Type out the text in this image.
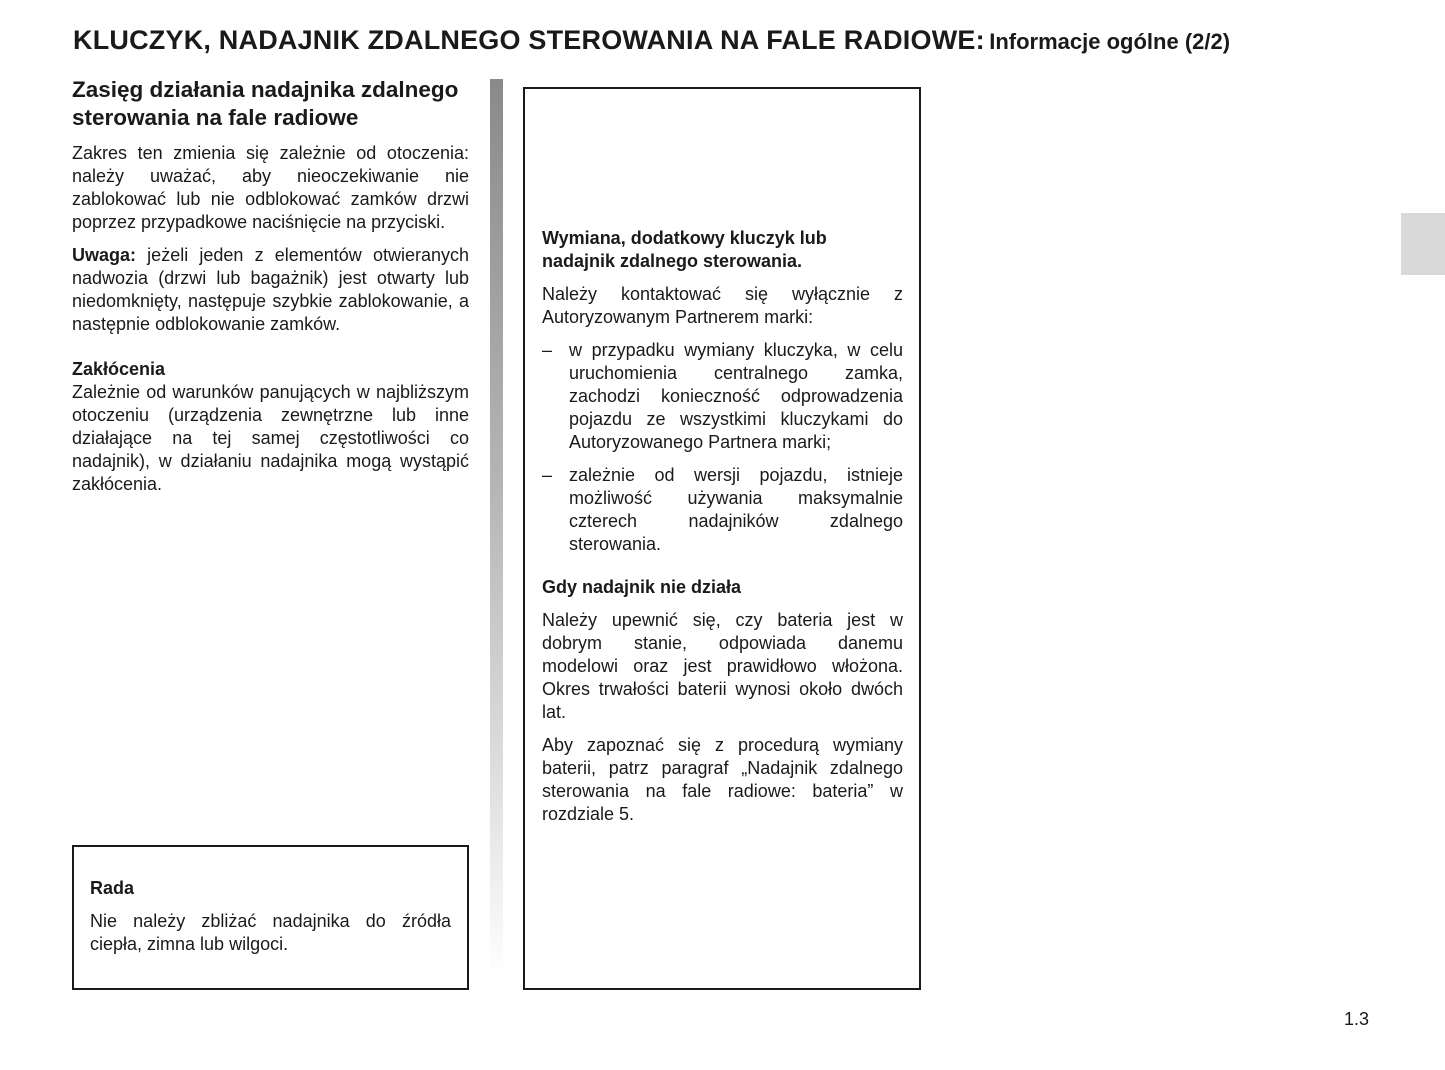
KLUCZYK, NADAJNIK ZDALNEGO STEROWANIA NA FALE RADIOWE: Informacje ogólne (2/2)
Zasięg działania nadajnika zdalnego sterowania na fale radiowe

Zakres ten zmienia się zależnie od otoczenia: należy uważać, aby nieoczekiwanie nie zablokować lub nie odblokować zamków drzwi poprzez przypadkowe naciśnięcie na przyciski.

Uwaga: jeżeli jeden z elementów otwieranych nadwozia (drzwi lub bagażnik) jest otwarty lub niedomknięty, następuje szybkie zablokowanie, a następnie odblokowanie zamków.

Zakłócenia

Zależnie od warunków panujących w najbliższym otoczeniu (urządzenia zewnętrzne lub inne działające na tej samej częstotliwości co nadajnik), w działaniu nadajnika mogą wystąpić zakłócenia.

Rada

Nie należy zbliżać nadajnika do źródła ciepła, zimna lub wilgoci.

Wymiana, dodatkowy kluczyk lub nadajnik zdalnego sterowania.

Należy kontaktować się wyłącznie z Autoryzowanym Partnerem marki:

– w przypadku wymiany kluczyka, w celu uruchomienia centralnego zamka, zachodzi konieczność odprowadzenia pojazdu ze wszystkimi kluczykami do Autoryzowanego Partnera marki;
– zależnie od wersji pojazdu, istnieje możliwość używania maksymalnie czterech nadajników zdalnego sterowania.
Gdy nadajnik nie działa

Należy upewnić się, czy bateria jest w dobrym stanie, odpowiada danemu modelowi oraz jest prawidłowo włożona. Okres trwałości baterii wynosi około dwóch lat.

Aby zapoznać się z procedurą wymiany baterii, patrz paragraf „Nadajnik zdalnego sterowania na fale radiowe: bateria” w rozdziale 5.

1.3
